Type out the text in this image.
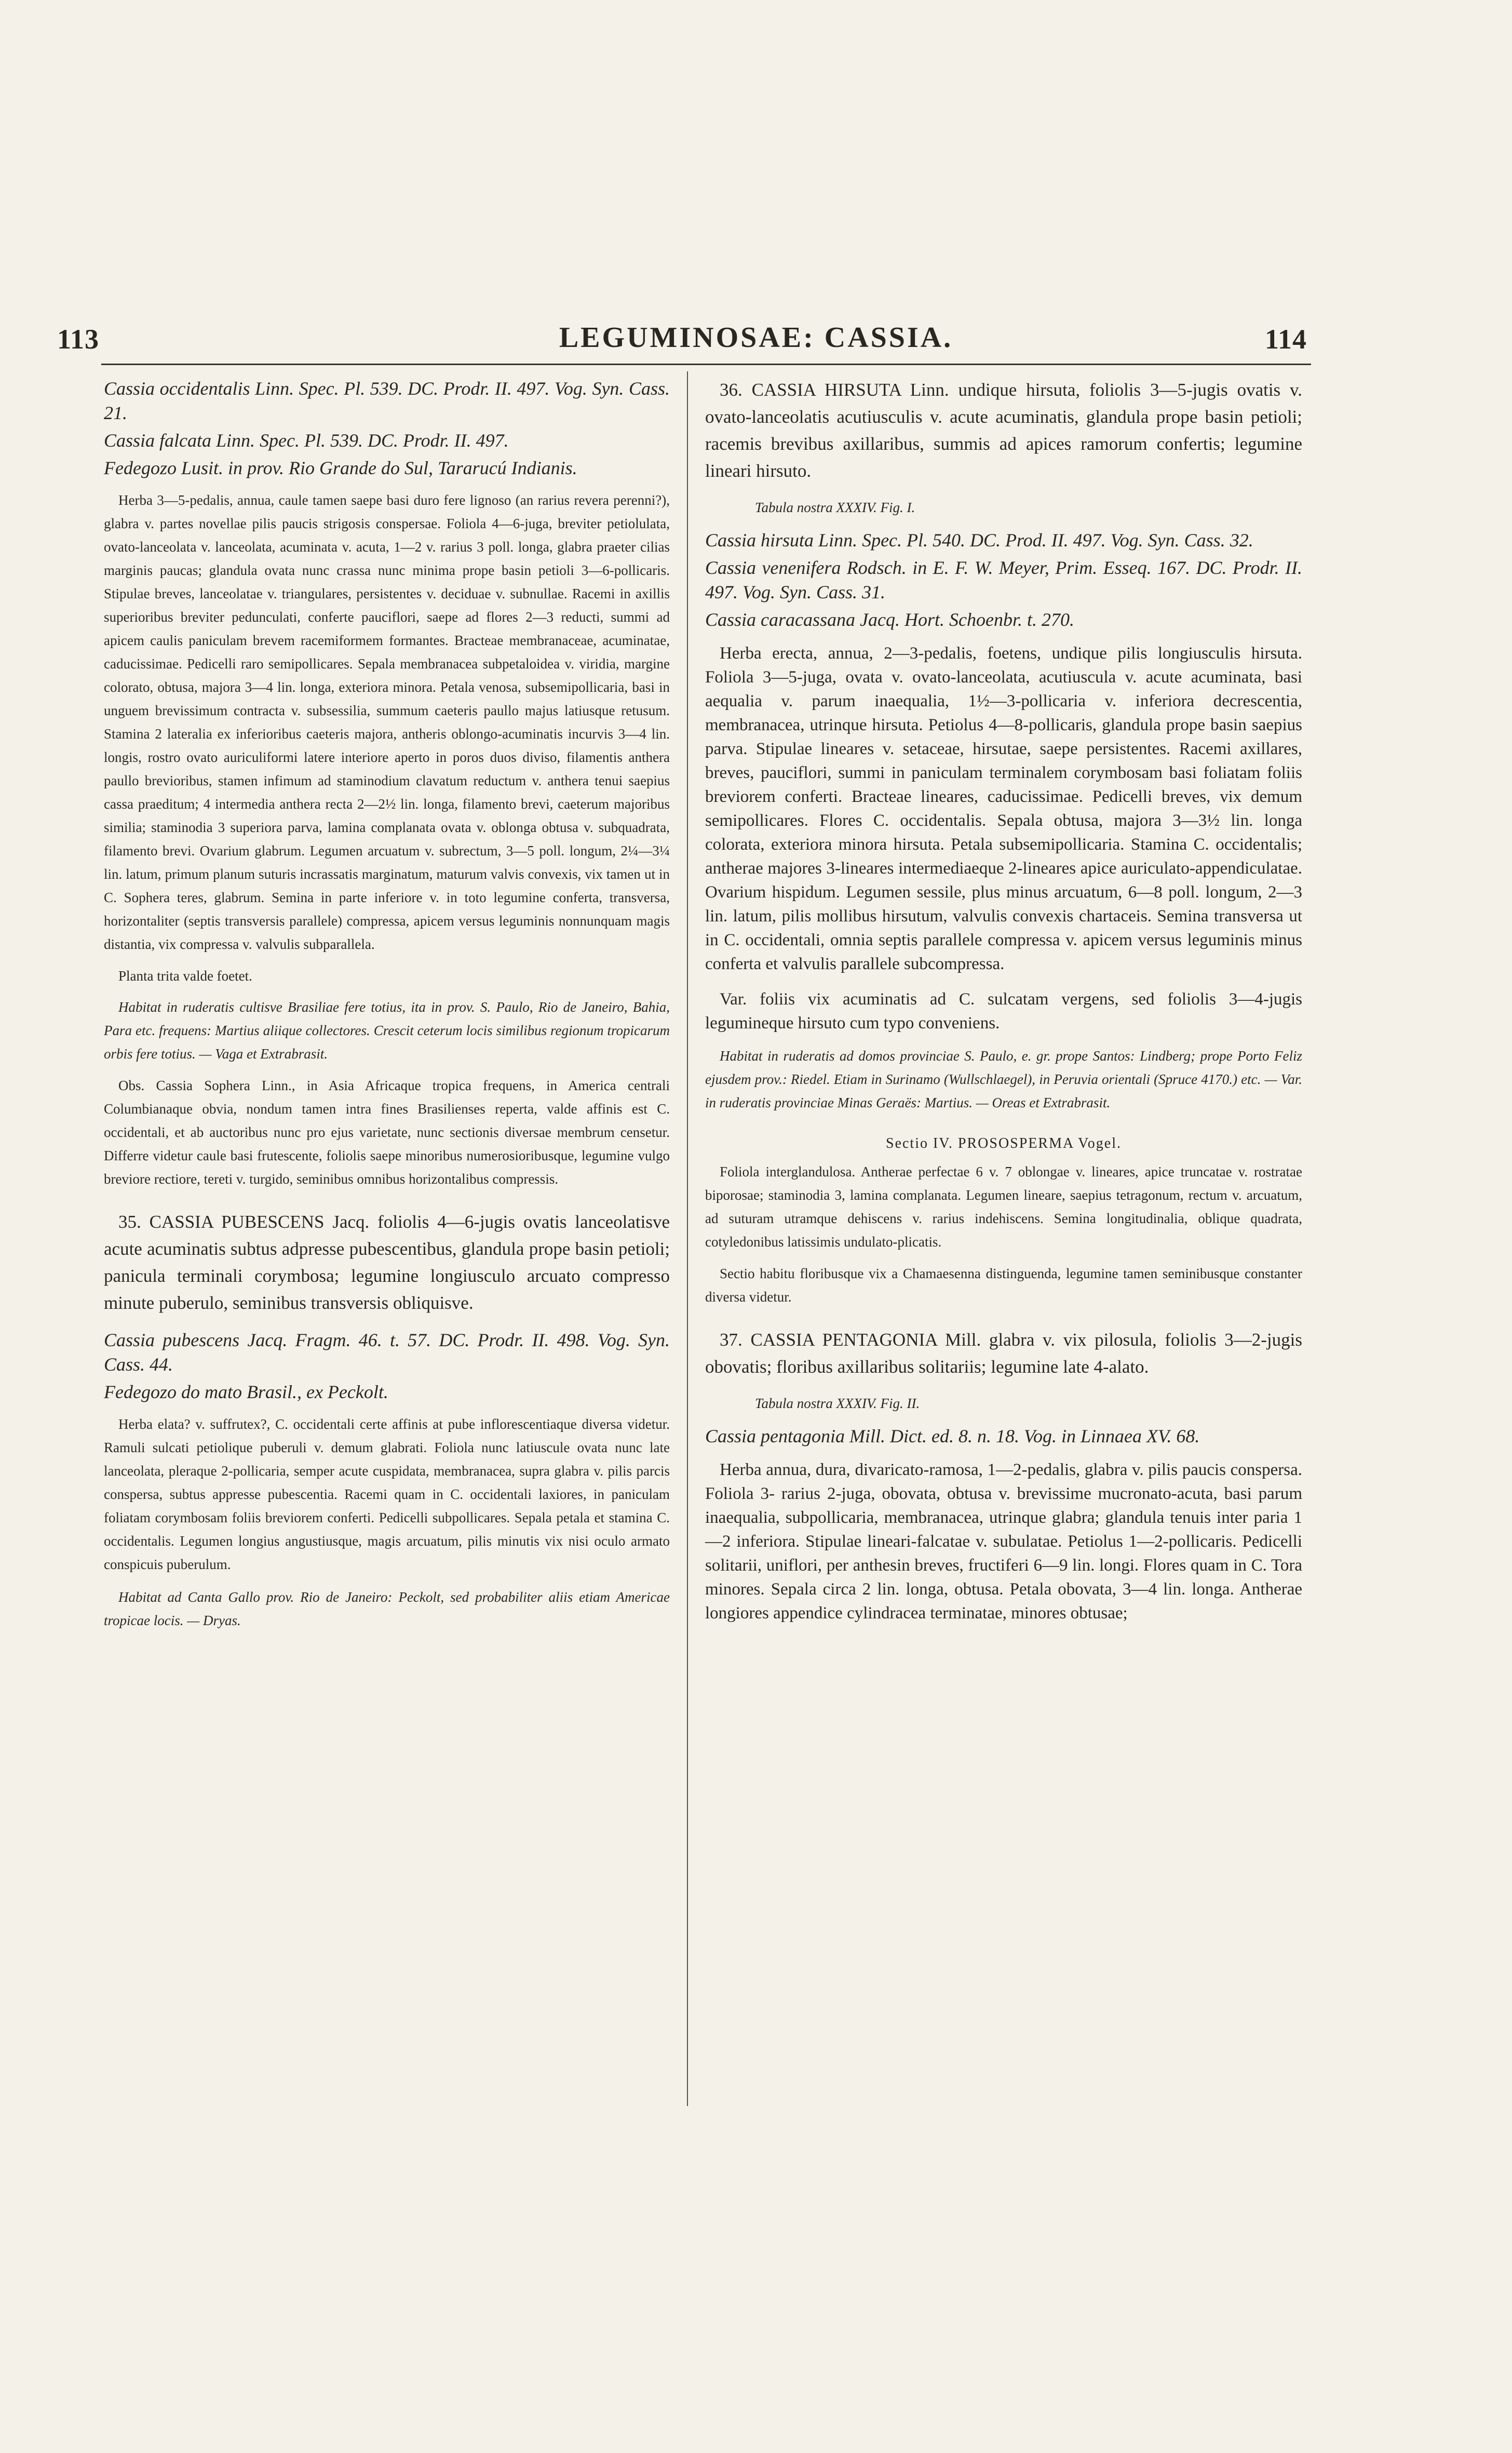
113	LEGUMINOSAE: CASSIA.	114

Cassia occidentalis Linn. Spec. Pl. 539. DC. Prodr. II. 497. Vog. Syn. Cass. 21.

Cassia falcata Linn. Spec. Pl. 539. DC. Prodr. II. 497.

Fedegozo Lusit. in prov. Rio Grande do Sul, Tararucú Indianis.

Herba 3—5-pedalis, annua, caule tamen saepe basi duro fere lignoso (an rarius revera perenni?), glabra v. partes novellae pilis paucis strigosis conspersae. Foliola 4—6-juga, breviter petiolulata, ovato-lanceolata v. lanceolata, acuminata v. acuta, 1—2 v. rarius 3 poll. longa, glabra praeter cilias marginis paucas; glandula ovata nunc crassa nunc minima prope basin petioli 3—6-pollicaris. Stipulae breves, lanceolatae v. triangulares, persistentes v. deciduae v. subnullae. Racemi in axillis superioribus breviter pedunculati, conferte pauciflori, saepe ad flores 2—3 reducti, summi ad apicem caulis paniculam brevem racemiformem formantes. Bracteae membranaceae, acuminatae, caducissimae. Pedicelli raro semipollicares. Sepala membranacea subpetaloidea v. viridia, margine colorato, obtusa, majora 3—4 lin. longa, exteriora minora. Petala venosa, subsemipollicaria, basi in unguem brevissimum contracta v. subsessilia, summum caeteris paullo majus latiusque retusum. Stamina 2 lateralia ex inferioribus caeteris majora, antheris oblongo-acuminatis incurvis 3—4 lin. longis, rostro ovato auriculiformi latere interiore aperto in poros duos diviso, filamentis anthera paullo brevioribus, stamen infimum ad staminodium clavatum reductum v. anthera tenui saepius cassa praeditum; 4 intermedia anthera recta 2—2½ lin. longa, filamento brevi, caeterum majoribus similia; staminodia 3 superiora parva, lamina complanata ovata v. oblonga obtusa v. subquadrata, filamento brevi. Ovarium glabrum. Legumen arcuatum v. subrectum, 3—5 poll. longum, 2¼—3¼ lin. latum, primum planum suturis incrassatis marginatum, maturum valvis convexis, vix tamen ut in C. Sophera teres, glabrum. Semina in parte inferiore v. in toto legumine conferta, transversa, horizontaliter (septis transversis parallele) compressa, apicem versus leguminis nonnunquam magis distantia, vix compressa v. valvulis subparallela.

Planta trita valde foetet.

Habitat in ruderatis cultisve Brasiliae fere totius, ita in prov. S. Paulo, Rio de Janeiro, Bahia, Para etc. frequens: Martius aliique collectores. Crescit ceterum locis similibus regionum tropicarum orbis fere totius. — Vaga et Extrabrasit.

Obs. Cassia Sophera Linn., in Asia Africaque tropica frequens, in America centrali Columbianaque obvia, nondum tamen intra fines Brasilienses reperta, valde affinis est C. occidentali, et ab auctoribus nunc pro ejus varietate, nunc sectionis diversae membrum censetur. Differre videtur caule basi frutescente, foliolis saepe minoribus numerosioribusque, legumine vulgo breviore rectiore, tereti v. turgido, seminibus omnibus horizontalibus compressis.

35. CASSIA PUBESCENS Jacq. foliolis 4—6-jugis ovatis lanceolatisve acute acuminatis subtus adpresse pubescentibus, glandula prope basin petioli; panicula terminali corymbosa; legumine longiusculo arcuato compresso minute puberulo, seminibus transversis obliquisve.

Cassia pubescens Jacq. Fragm. 46. t. 57. DC. Prodr. II. 498. Vog. Syn. Cass. 44.

Fedegozo do mato Brasil., ex Peckolt.

Herba elata? v. suffrutex?, C. occidentali certe affinis at pube inflorescentiaque diversa videtur. Ramuli sulcati petiolique puberuli v. demum glabrati. Foliola nunc latiuscule ovata nunc late lanceolata, pleraque 2-pollicaria, semper acute cuspidata, membranacea, supra glabra v. pilis parcis conspersa, subtus appresse pubescentia. Racemi quam in C. occidentali laxiores, in paniculam foliatam corymbosam foliis breviorem conferti. Pedicelli subpollicares. Sepala petala et stamina C. occidentalis. Legumen longius angustiusque, magis arcuatum, pilis minutis vix nisi oculo armato conspicuis puberulum.

Habitat ad Canta Gallo prov. Rio de Janeiro: Peckolt, sed probabiliter aliis etiam Americae tropicae locis. — Dryas.

36. CASSIA HIRSUTA Linn. undique hirsuta, foliolis 3—5-jugis ovatis v. ovato-lanceolatis acutiusculis v. acute acuminatis, glandula prope basin petioli; racemis brevibus axillaribus, summis ad apices ramorum confertis; legumine lineari hirsuto.

Tabula nostra XXXIV. Fig. I.

Cassia hirsuta Linn. Spec. Pl. 540. DC. Prod. II. 497. Vog. Syn. Cass. 32.

Cassia venenifera Rodsch. in E. F. W. Meyer, Prim. Esseq. 167. DC. Prodr. II. 497. Vog. Syn. Cass. 31.

Cassia caracassana Jacq. Hort. Schoenbr. t. 270.

Herba erecta, annua, 2—3-pedalis, foetens, undique pilis longiusculis hirsuta. Foliola 3—5-juga, ovata v. ovato-lanceolata, acutiuscula v. acute acuminata, basi aequalia v. parum inaequalia, 1½—3-pollicaria v. inferiora decrescentia, membranacea, utrinque hirsuta. Petiolus 4—8-pollicaris, glandula prope basin saepius parva. Stipulae lineares v. setaceae, hirsutae, saepe persistentes. Racemi axillares, breves, pauciflori, summi in paniculam terminalem corymbosam basi foliatam foliis breviorem conferti. Bracteae lineares, caducissimae. Pedicelli breves, vix demum semipollicares. Flores C. occidentalis. Sepala obtusa, majora 3—3½ lin. longa colorata, exteriora minora hirsuta. Petala subsemipollicaria. Stamina C. occidentalis; antherae majores 3-lineares intermediaeque 2-lineares apice auriculato-appendiculatae. Ovarium hispidum. Legumen sessile, plus minus arcuatum, 6—8 poll. longum, 2—3 lin. latum, pilis mollibus hirsutum, valvulis convexis chartaceis. Semina transversa ut in C. occidentali, omnia septis parallele compressa v. apicem versus leguminis minus conferta et valvulis parallele subcompressa.

Var. foliis vix acuminatis ad C. sulcatam vergens, sed foliolis 3—4-jugis legumineque hirsuto cum typo conveniens.

Habitat in ruderatis ad domos provinciae S. Paulo, e. gr. prope Santos: Lindberg; prope Porto Feliz ejusdem prov.: Riedel. Etiam in Surinamo (Wullschlaegel), in Peruvia orientali (Spruce 4170.) etc. — Var. in ruderatis provinciae Minas Geraës: Martius. — Oreas et Extrabrasit.

Sectio IV. PROSOSPERMA Vogel.

Foliola interglandulosa. Antherae perfectae 6 v. 7 oblongae v. lineares, apice truncatae v. rostratae biporosae; staminodia 3, lamina complanata. Legumen lineare, saepius tetragonum, rectum v. arcuatum, ad suturam utramque dehiscens v. rarius indehiscens. Semina longitudinalia, oblique quadrata, cotyledonibus latissimis undulato-plicatis.

Sectio habitu floribusque vix a Chamaesenna distinguenda, legumine tamen seminibusque constanter diversa videtur.

37. CASSIA PENTAGONIA Mill. glabra v. vix pilosula, foliolis 3—2-jugis obovatis; floribus axillaribus solitariis; legumine late 4-alato.

Tabula nostra XXXIV. Fig. II.

Cassia pentagonia Mill. Dict. ed. 8. n. 18. Vog. in Linnaea XV. 68.

Herba annua, dura, divaricato-ramosa, 1—2-pedalis, glabra v. pilis paucis conspersa. Foliola 3- rarius 2-juga, obovata, obtusa v. brevissime mucronato-acuta, basi parum inaequalia, subpollicaria, membranacea, utrinque glabra; glandula tenuis inter paria 1—2 inferiora. Stipulae lineari-falcatae v. subulatae. Petiolus 1—2-pollicaris. Pedicelli solitarii, uniflori, per anthesin breves, fructiferi 6—9 lin. longi. Flores quam in C. Tora minores. Sepala circa 2 lin. longa, obtusa. Petala obovata, 3—4 lin. longa. Antherae longiores appendice cylindracea terminatae, minores obtusae;
